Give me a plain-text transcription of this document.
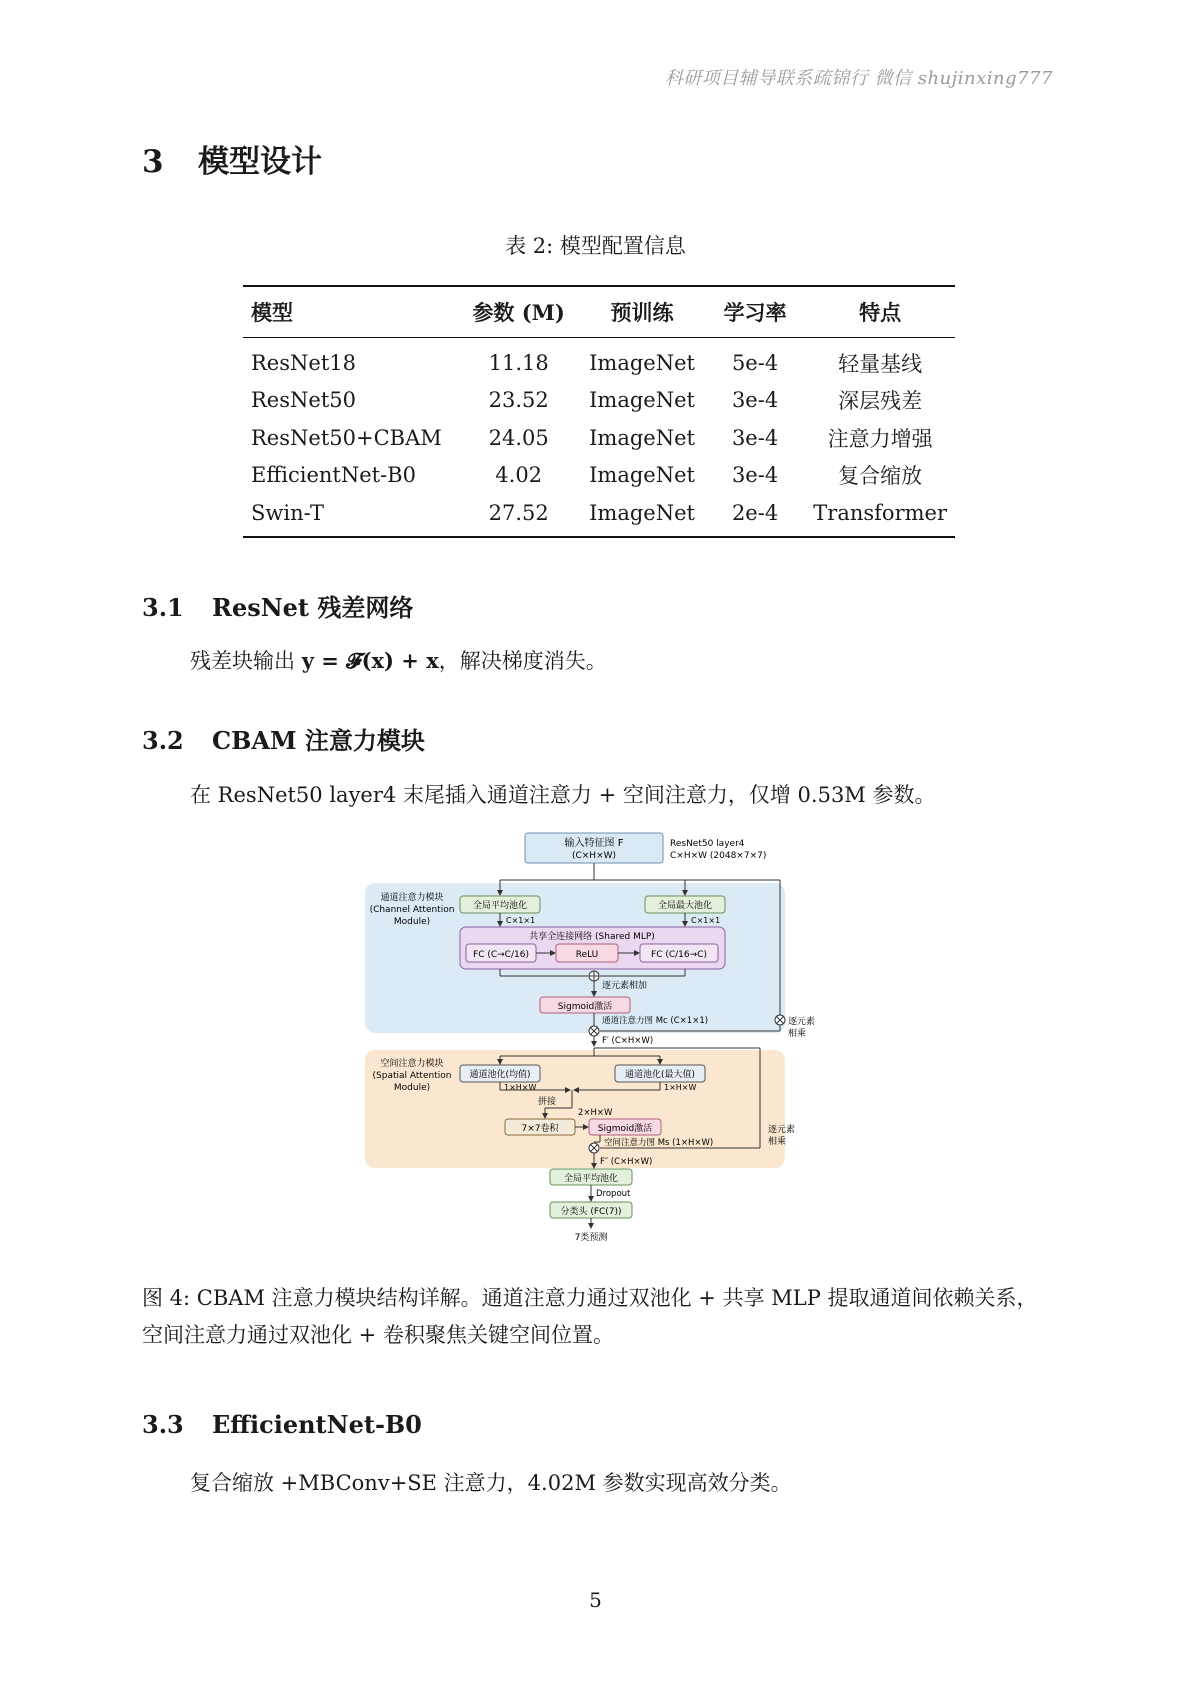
科研项目辅导联系疏锦行 微信 shujinxing777
3 模型设计
表 2: 模型配置信息
模型	参数 (M)	预训练	学习率	特点
ResNet18	11.18	ImageNet	5e-4	轻量基线
ResNet50	23.52	ImageNet	3e-4	深层残差
ResNet50+CBAM	24.05	ImageNet	3e-4	注意力增强
EfficientNet-B0	4.02	ImageNet	3e-4	复合缩放
Swin-T	27.52	ImageNet	2e-4	Transformer
3.1 ResNet 残差网络
残差块输出 y = 𝓕(x) + x，解决梯度消失。
3.2 CBAM 注意力模块
在 ResNet50 layer4 末尾插入通道注意力 + 空间注意力，仅增 0.53M 参数。
输入特征图 F
(C×H×W)
ResNet50 layer4
C×H×W (2048×7×7)
通道注意力模块
(Channel Attention
Module)
全局平均池化	全局最大池化
C×1×1	C×1×1
共享全连接网络 (Shared MLP)
FC (C→C/16)	ReLU	FC (C/16→C)
逐元素相加
Sigmoid激活
通道注意力图 Mc (C×1×1)	逐元素
相乘
F′ (C×H×W)
空间注意力模块
(Spatial Attention
Module)
通道池化(均值)	通道池化(最大值)
1×H×W	1×H×W
拼接
2×H×W
7×7卷积	Sigmoid激活
空间注意力图 Ms (1×H×W)
逐元素
相乘
F″ (C×H×W)
全局平均池化
Dropout
分类头 (FC(7))
7类预测
图 4: CBAM 注意力模块结构详解。通道注意力通过双池化 + 共享 MLP 提取通道间依赖关系，空间注意力通过双池化 + 卷积聚焦关键空间位置。
3.3 EfficientNet-B0
复合缩放 +MBConv+SE 注意力，4.02M 参数实现高效分类。
5
